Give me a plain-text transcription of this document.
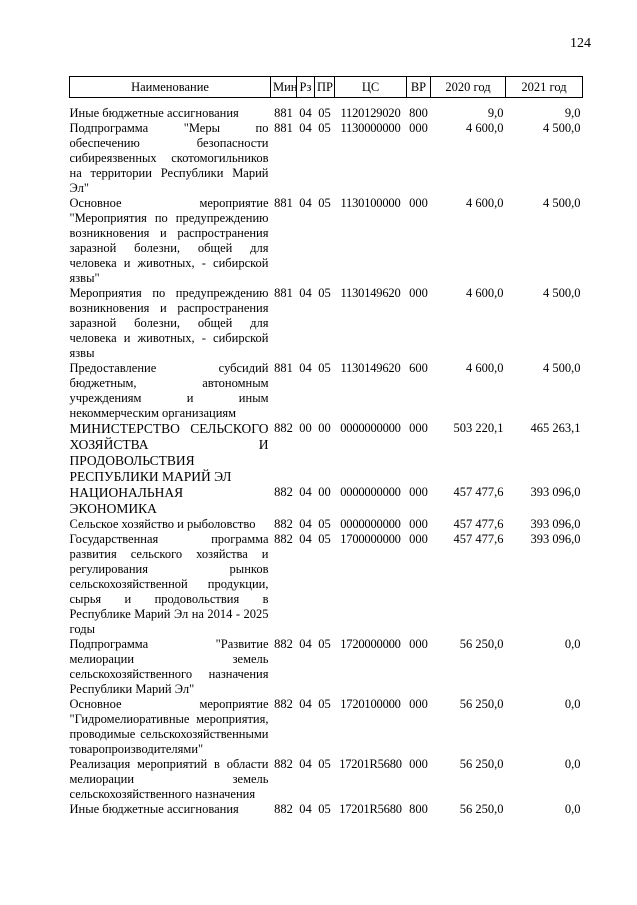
124
Наименование	Мин	Рз	ПР	ЦС	ВР	2020 год	2021 год
Иные бюджетные ассигнования	881	04	05	1120129020	800	9,0	9,0
Подпрограмма "Меры по обеспечению безопасности сибиреязвенных скотомогильников на территории Республики Марий Эл"	881	04	05	1130000000	000	4 600,0	4 500,0
Основное мероприятие "Мероприятия по предупреждению возникновения и распространения заразной болезни, общей для человека и животных, - сибирской язвы"	881	04	05	1130100000	000	4 600,0	4 500,0
Мероприятия по предупреждению возникновения и распространения заразной болезни, общей для человека и животных, - сибирской язвы	881	04	05	1130149620	000	4 600,0	4 500,0
Предоставление субсидий бюджетным, автономным учреждениям и иным некоммерческим организациям	881	04	05	1130149620	600	4 600,0	4 500,0
МИНИСТЕРСТВО СЕЛЬСКОГО ХОЗЯЙСТВА И ПРОДОВОЛЬСТВИЯ РЕСПУБЛИКИ МАРИЙ ЭЛ	882	00	00	0000000000	000	503 220,1	465 263,1
НАЦИОНАЛЬНАЯ ЭКОНОМИКА	882	04	00	0000000000	000	457 477,6	393 096,0
Сельское хозяйство и рыболовство	882	04	05	0000000000	000	457 477,6	393 096,0
Государственная программа развития сельского хозяйства и регулирования рынков сельскохозяйственной продукции, сырья и продовольствия в Республике Марий Эл на 2014 - 2025 годы	882	04	05	1700000000	000	457 477,6	393 096,0
Подпрограмма "Развитие мелиорации земель сельскохозяйственного назначения Республики Марий Эл"	882	04	05	1720000000	000	56 250,0	0,0
Основное мероприятие "Гидромелиоративные мероприятия, проводимые сельскохозяйственными товаропроизводителями"	882	04	05	1720100000	000	56 250,0	0,0
Реализация мероприятий в области мелиорации земель сельскохозяйственного назначения	882	04	05	17201R5680	000	56 250,0	0,0
Иные бюджетные ассигнования	882	04	05	17201R5680	800	56 250,0	0,0
